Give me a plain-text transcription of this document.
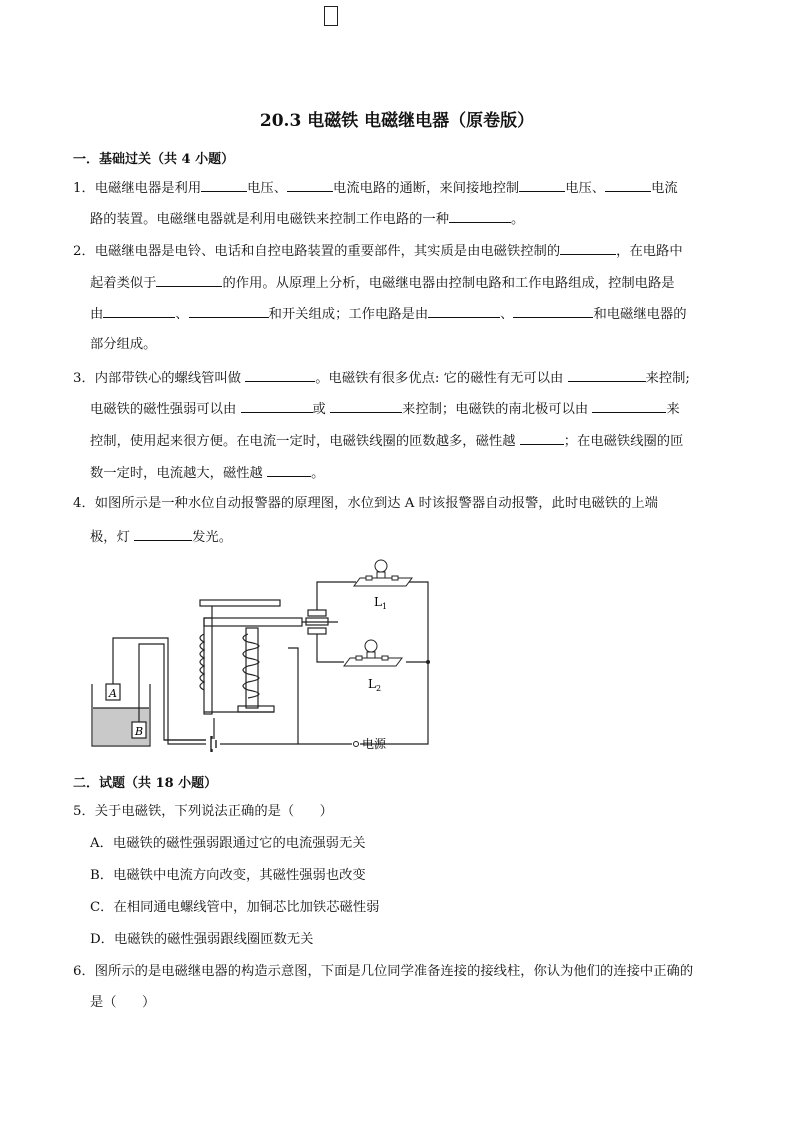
20.3 电磁铁 电磁继电器（原卷版）
一．基础过关（共 4 小题）
1．电磁继电器是利用	电压、	电流电路的通断，来间接地控制	电压、	电流
路的装置。电磁继电器就是利用电磁铁来控制工作电路的一种	。
2．电磁继电器是电铃、电话和自控电路装置的重要部件，其实质是由电磁铁控制的	，在电路中
起着类似于	的作用。从原理上分析，电磁继电器由控制电路和工作电路组成，控制电路是
由	、	和开关组成；工作电路是由	、	和电磁继电器的
部分组成。
3．内部带铁心的螺线管叫做	。电磁铁有很多优点: 它的磁性有无可以由	来控制;
电磁铁的磁性强弱可以由	或	来控制；电磁铁的南北极可以由	来
控制，使用起来很方便。在电流一定时，电磁铁线圈的匝数越多，磁性越	；在电磁铁线圈的匝
数一定时，电流越大，磁性越	。
4．如图所示是一种水位自动报警器的原理图，水位到达 A 时该报警器自动报警，此时电磁铁的上端
极，灯	发光。
$L_1$
$L_2$
电源
A
B
二．试题（共 18 小题）
5．关于电磁铁，下列说法正确的是（      ）
A．电磁铁的磁性强弱跟通过它的电流强弱无关
B．电磁铁中电流方向改变，其磁性强弱也改变
C．在相同通电螺线管中，加铜芯比加铁芯磁性弱
D．电磁铁的磁性强弱跟线圈匝数无关
6．图所示的是电磁继电器的构造示意图，下面是几位同学准备连接的接线柱，你认为他们的连接中正确的
是（      ）
